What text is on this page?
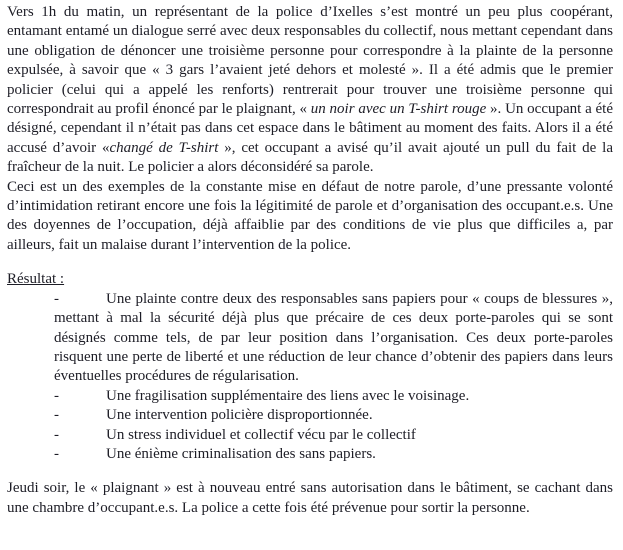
Vers 1h du matin, un représentant de la police d’Ixelles s’est montré un peu plus coopérant, entamant entamé un dialogue serré avec deux responsables du collectif, nous mettant cependant dans une obligation de dénoncer une troisième personne pour correspondre à la plainte de la personne expulsée, à savoir que « 3 gars l’avaient jeté dehors et molesté ». Il a été admis que le premier policier (celui qui a appelé les renforts) rentrerait pour trouver une troisième personne qui correspondrait au profil énoncé par le plaignant, « un noir avec un T-shirt rouge ». Un occupant a été désigné, cependant il n’était pas dans cet espace dans le bâtiment au moment des faits. Alors il a été accusé d’avoir «changé de T-shirt », cet occupant a avisé qu’il avait ajouté un pull du fait de la fraîcheur de la nuit. Le policier a alors déconsidéré sa parole.

Ceci est un des exemples de la constante mise en défaut de notre parole, d’une pressante volonté d’intimidation retirant encore une fois la légitimité de parole et d’organisation des occupant.e.s. Une des doyennes de l’occupation, déjà affaiblie par des conditions de vie plus que difficiles a, par ailleurs, fait un malaise durant l’intervention de la police.

Résultat :

-	Une plainte contre deux des responsables sans papiers pour « coups de blessures », mettant à mal la sécurité déjà plus que précaire de ces deux porte-paroles qui se sont désignés comme tels, de par leur position dans l’organisation. Ces deux porte-paroles risquent une perte de liberté et une réduction de leur chance d’obtenir des papiers dans leurs éventuelles procédures de régularisation.
-	Une fragilisation supplémentaire des liens avec le voisinage.
-	Une intervention policière disproportionnée.
-	Un stress individuel et collectif vécu par le collectif
-	Une énième criminalisation des sans papiers.

Jeudi soir, le « plaignant » est à nouveau entré sans autorisation dans le bâtiment, se cachant dans une chambre d’occupant.e.s. La police a cette fois été prévenue pour sortir la personne.
